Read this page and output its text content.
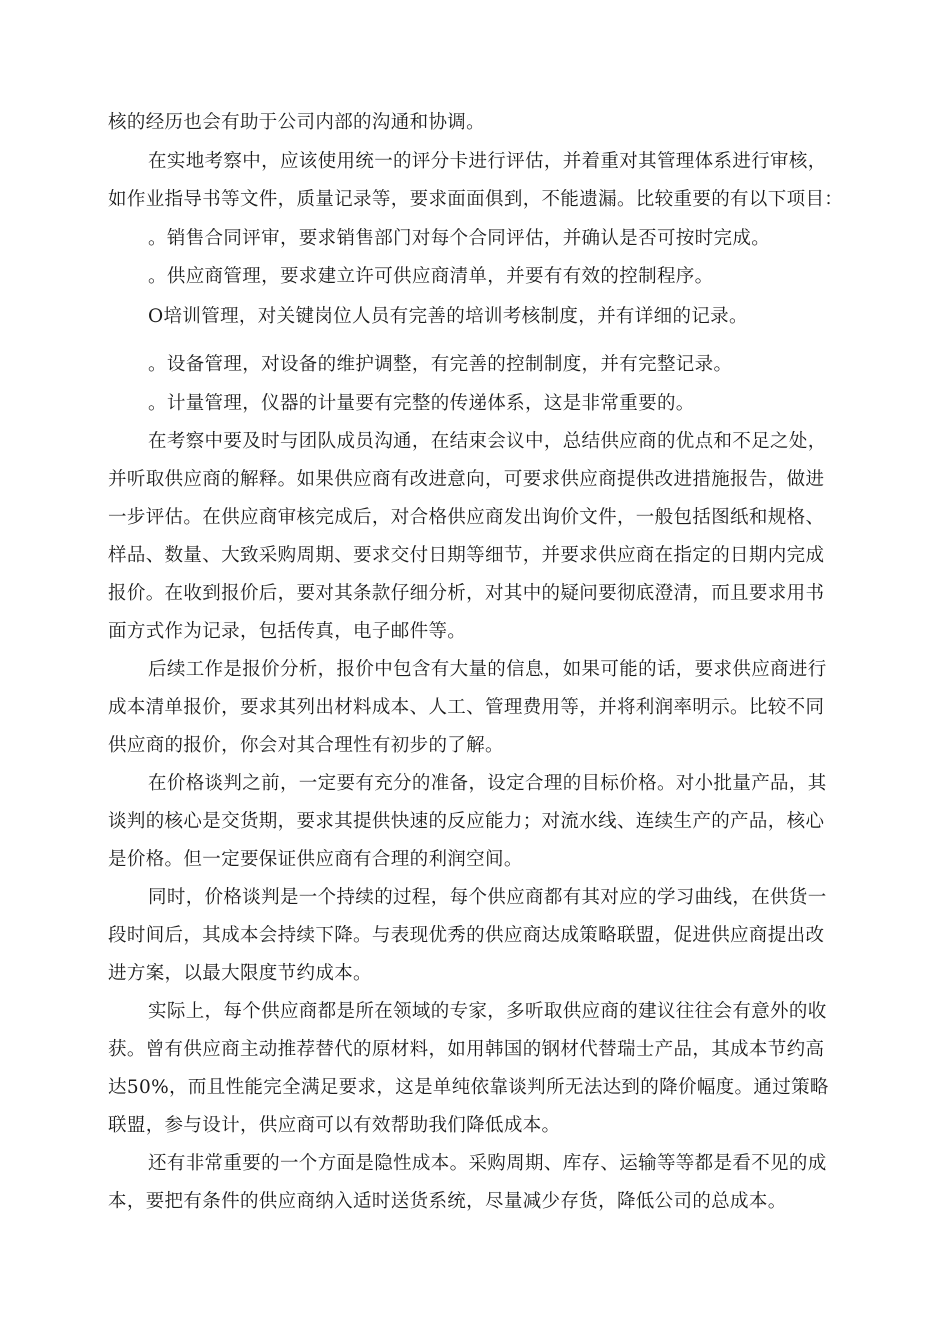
核的经历也会有助于公司内部的沟通和协调。
在实地考察中，应该使用统一的评分卡进行评估，并着重对其管理体系进行审核，
如作业指导书等文件，质量记录等，要求面面俱到，不能遗漏。比较重要的有以下项目：
。销售合同评审，要求销售部门对每个合同评估，并确认是否可按时完成。
。供应商管理，要求建立许可供应商清单，并要有有效的控制程序。
O培训管理，对关键岗位人员有完善的培训考核制度，并有详细的记录。
。设备管理，对设备的维护调整，有完善的控制制度，并有完整记录。
。计量管理，仪器的计量要有完整的传递体系，这是非常重要的。
在考察中要及时与团队成员沟通，在结束会议中，总结供应商的优点和不足之处，
并听取供应商的解释。如果供应商有改进意向，可要求供应商提供改进措施报告，做进
一步评估。在供应商审核完成后，对合格供应商发出询价文件，一般包括图纸和规格、
样品、数量、大致采购周期、要求交付日期等细节，并要求供应商在指定的日期内完成
报价。在收到报价后，要对其条款仔细分析，对其中的疑问要彻底澄清，而且要求用书
面方式作为记录，包括传真，电子邮件等。
后续工作是报价分析，报价中包含有大量的信息，如果可能的话，要求供应商进行
成本清单报价，要求其列出材料成本、人工、管理费用等，并将利润率明示。比较不同
供应商的报价，你会对其合理性有初步的了解。
在价格谈判之前，一定要有充分的准备，设定合理的目标价格。对小批量产品，其
谈判的核心是交货期，要求其提供快速的反应能力；对流水线、连续生产的产品，核心
是价格。但一定要保证供应商有合理的利润空间。
同时，价格谈判是一个持续的过程，每个供应商都有其对应的学习曲线，在供货一
段时间后，其成本会持续下降。与表现优秀的供应商达成策略联盟，促进供应商提出改
进方案，以最大限度节约成本。
实际上，每个供应商都是所在领域的专家，多听取供应商的建议往往会有意外的收
获。曾有供应商主动推荐替代的原材料，如用韩国的钢材代替瑞士产品，其成本节约高
达50%，而且性能完全满足要求，这是单纯依靠谈判所无法达到的降价幅度。通过策略
联盟，参与设计，供应商可以有效帮助我们降低成本。
还有非常重要的一个方面是隐性成本。采购周期、库存、运输等等都是看不见的成
本，要把有条件的供应商纳入适时送货系统，尽量减少存货，降低公司的总成本。
